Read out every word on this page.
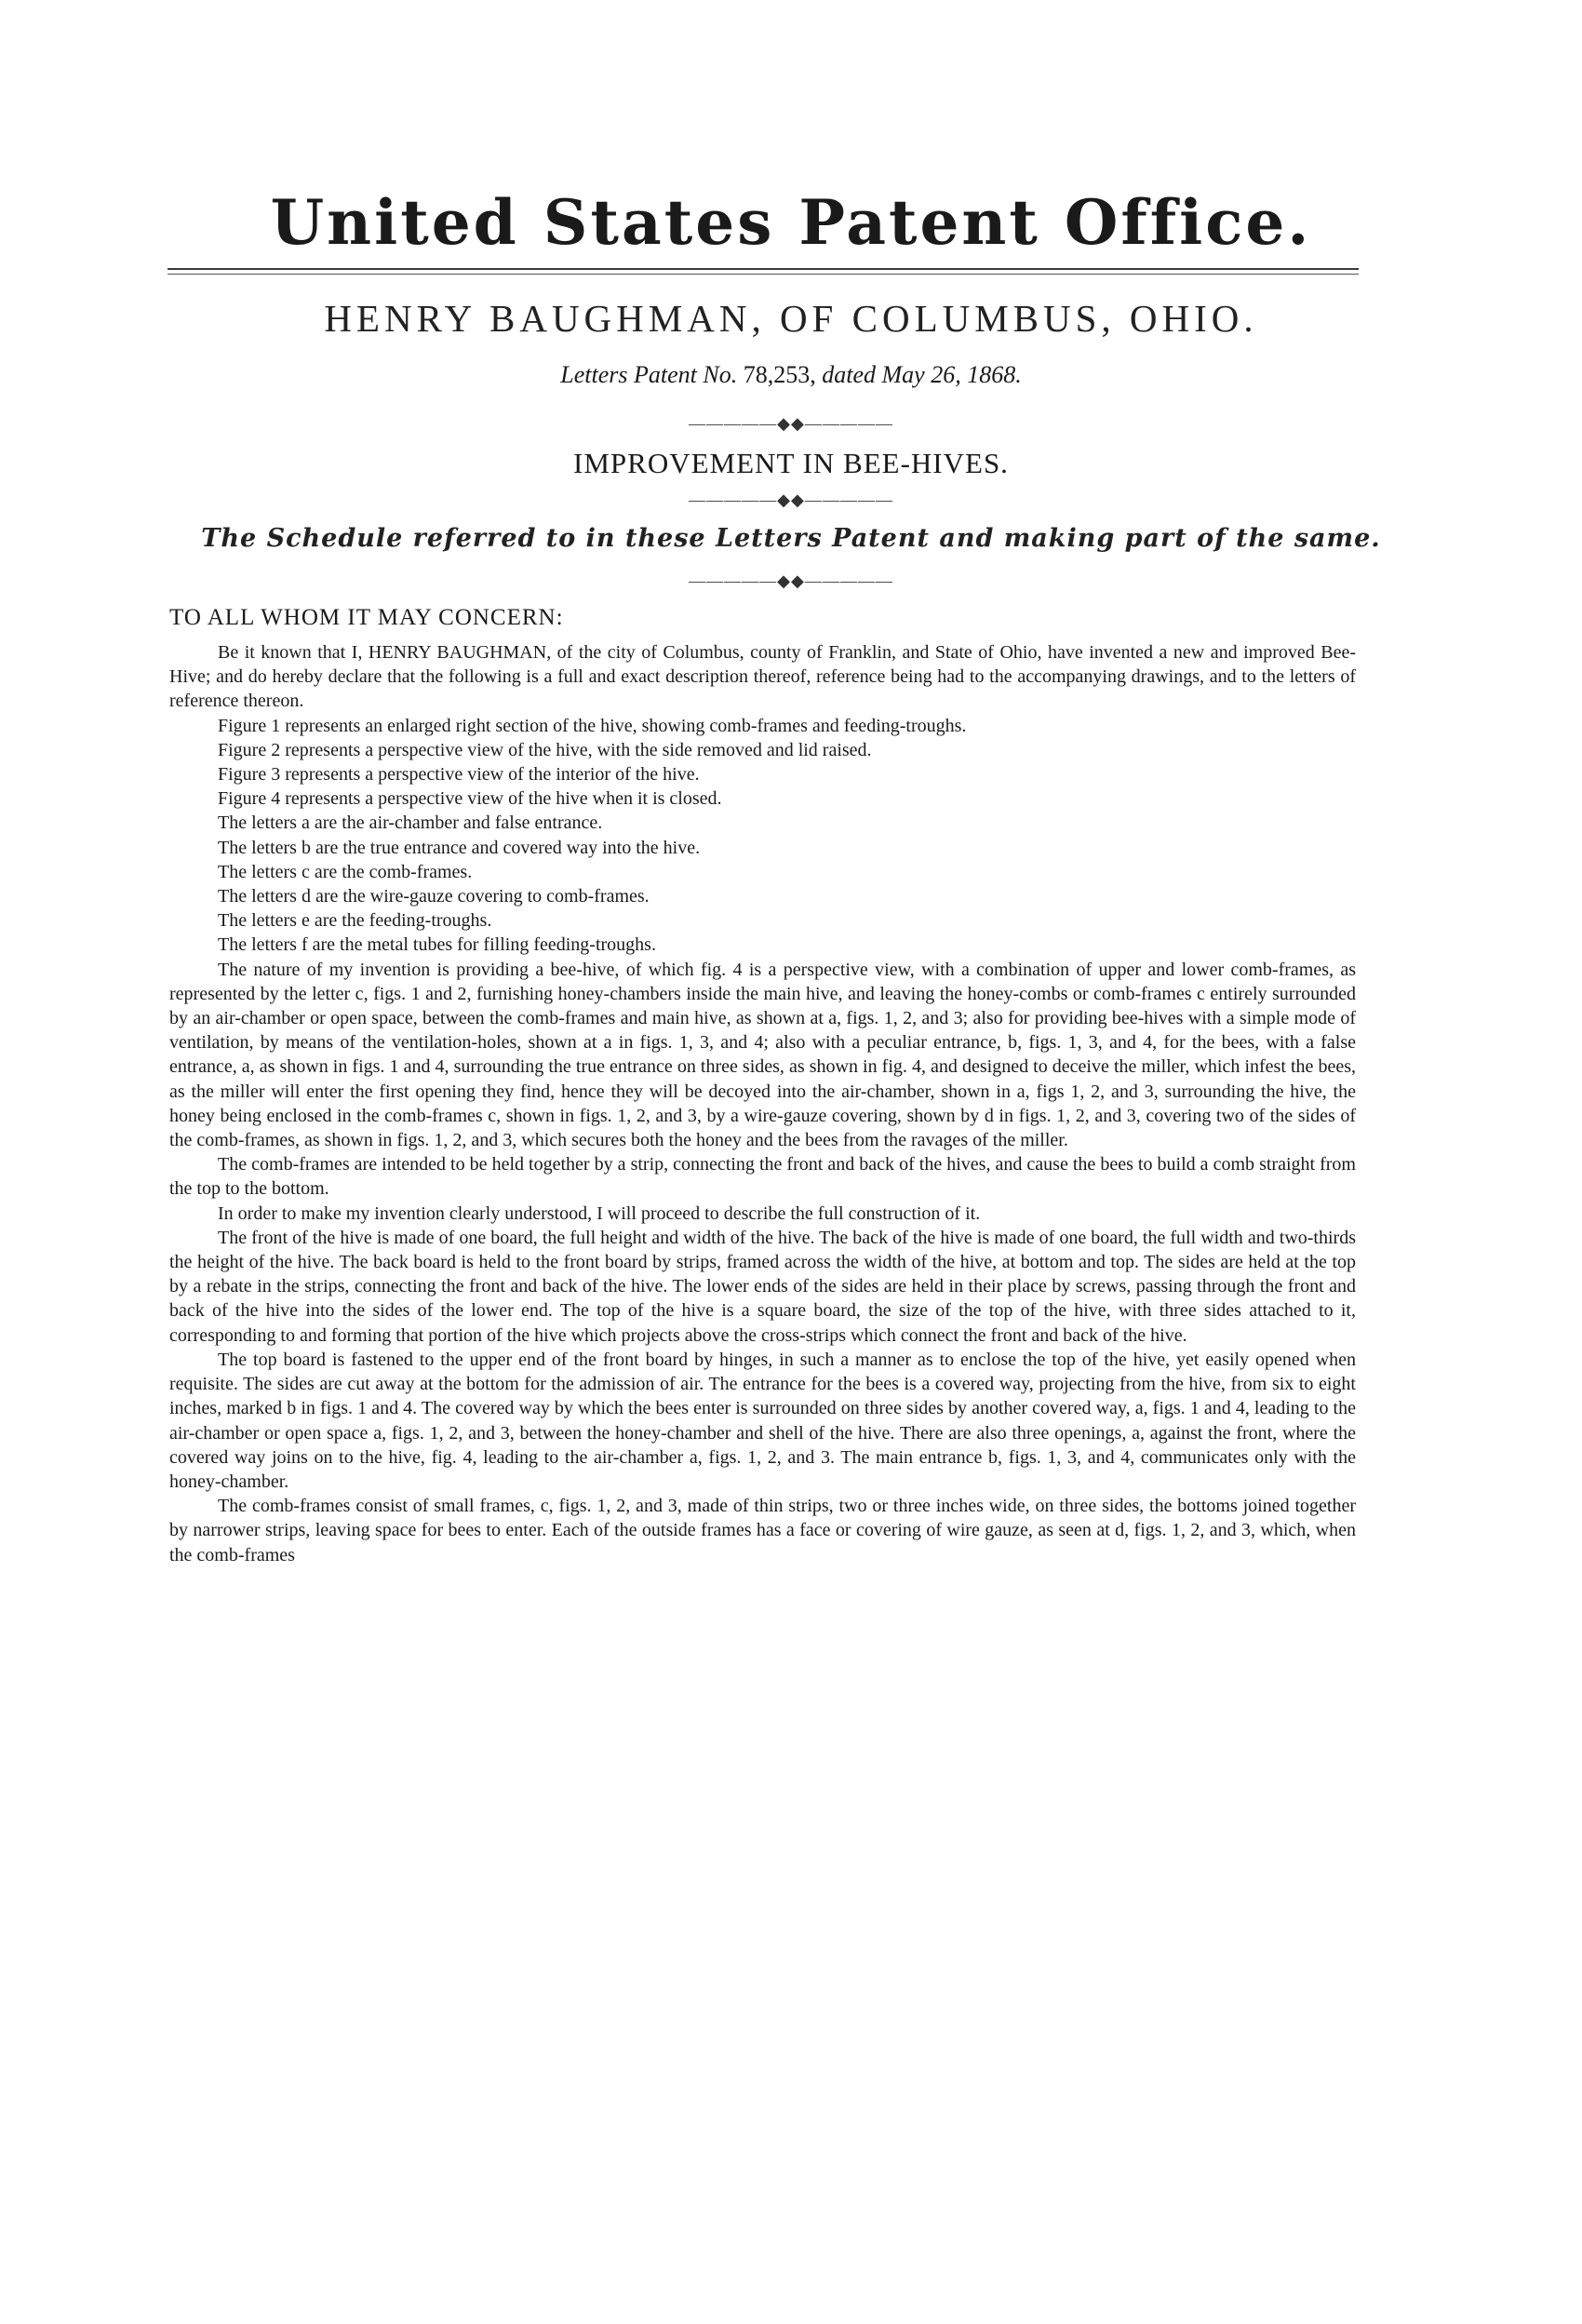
United States Patent Office.
HENRY BAUGHMAN, OF COLUMBUS, OHIO.
Letters Patent No. 78,253, dated May 26, 1868.
—————◆◆—————
IMPROVEMENT IN BEE-HIVES.
—————◆◆—————
The Schedule referred to in these Letters Patent and making part of the same.
—————◆◆—————
TO ALL WHOM IT MAY CONCERN:

Be it known that I, HENRY BAUGHMAN, of the city of Columbus, county of Franklin, and State of Ohio, have invented a new and improved Bee-Hive; and do hereby declare that the following is a full and exact description thereof, reference being had to the accompanying drawings, and to the letters of reference thereon.

Figure 1 represents an enlarged right section of the hive, showing comb-frames and feeding-troughs.

Figure 2 represents a perspective view of the hive, with the side removed and lid raised.

Figure 3 represents a perspective view of the interior of the hive.

Figure 4 represents a perspective view of the hive when it is closed.

The letters a are the air-chamber and false entrance.

The letters b are the true entrance and covered way into the hive.

The letters c are the comb-frames.

The letters d are the wire-gauze covering to comb-frames.

The letters e are the feeding-troughs.

The letters f are the metal tubes for filling feeding-troughs.

The nature of my invention is providing a bee-hive, of which fig. 4 is a perspective view, with a combination of upper and lower comb-frames, as represented by the letter c, figs. 1 and 2, furnishing honey-chambers inside the main hive, and leaving the honey-combs or comb-frames c entirely surrounded by an air-chamber or open space, between the comb-frames and main hive, as shown at a, figs. 1, 2, and 3; also for providing bee-hives with a simple mode of ventilation, by means of the ventilation-holes, shown at a in figs. 1, 3, and 4; also with a peculiar entrance, b, figs. 1, 3, and 4, for the bees, with a false entrance, a, as shown in figs. 1 and 4, surrounding the true entrance on three sides, as shown in fig. 4, and designed to deceive the miller, which infest the bees, as the miller will enter the first opening they find, hence they will be decoyed into the air-chamber, shown in a, figs 1, 2, and 3, surrounding the hive, the honey being enclosed in the comb-frames c, shown in figs. 1, 2, and 3, by a wire-gauze covering, shown by d in figs. 1, 2, and 3, covering two of the sides of the comb-frames, as shown in figs. 1, 2, and 3, which secures both the honey and the bees from the ravages of the miller.

The comb-frames are intended to be held together by a strip, connecting the front and back of the hives, and cause the bees to build a comb straight from the top to the bottom.

In order to make my invention clearly understood, I will proceed to describe the full construction of it.

The front of the hive is made of one board, the full height and width of the hive. The back of the hive is made of one board, the full width and two-thirds the height of the hive. The back board is held to the front board by strips, framed across the width of the hive, at bottom and top. The sides are held at the top by a rebate in the strips, connecting the front and back of the hive. The lower ends of the sides are held in their place by screws, passing through the front and back of the hive into the sides of the lower end. The top of the hive is a square board, the size of the top of the hive, with three sides attached to it, corresponding to and forming that portion of the hive which projects above the cross-strips which connect the front and back of the hive.

The top board is fastened to the upper end of the front board by hinges, in such a manner as to enclose the top of the hive, yet easily opened when requisite. The sides are cut away at the bottom for the admission of air. The entrance for the bees is a covered way, projecting from the hive, from six to eight inches, marked b in figs. 1 and 4. The covered way by which the bees enter is surrounded on three sides by another covered way, a, figs. 1 and 4, leading to the air-chamber or open space a, figs. 1, 2, and 3, between the honey-chamber and shell of the hive. There are also three openings, a, against the front, where the covered way joins on to the hive, fig. 4, leading to the air-chamber a, figs. 1, 2, and 3. The main entrance b, figs. 1, 3, and 4, communicates only with the honey-chamber.

The comb-frames consist of small frames, c, figs. 1, 2, and 3, made of thin strips, two or three inches wide, on three sides, the bottoms joined together by narrower strips, leaving space for bees to enter. Each of the outside frames has a face or covering of wire gauze, as seen at d, figs. 1, 2, and 3, which, when the comb-frames
